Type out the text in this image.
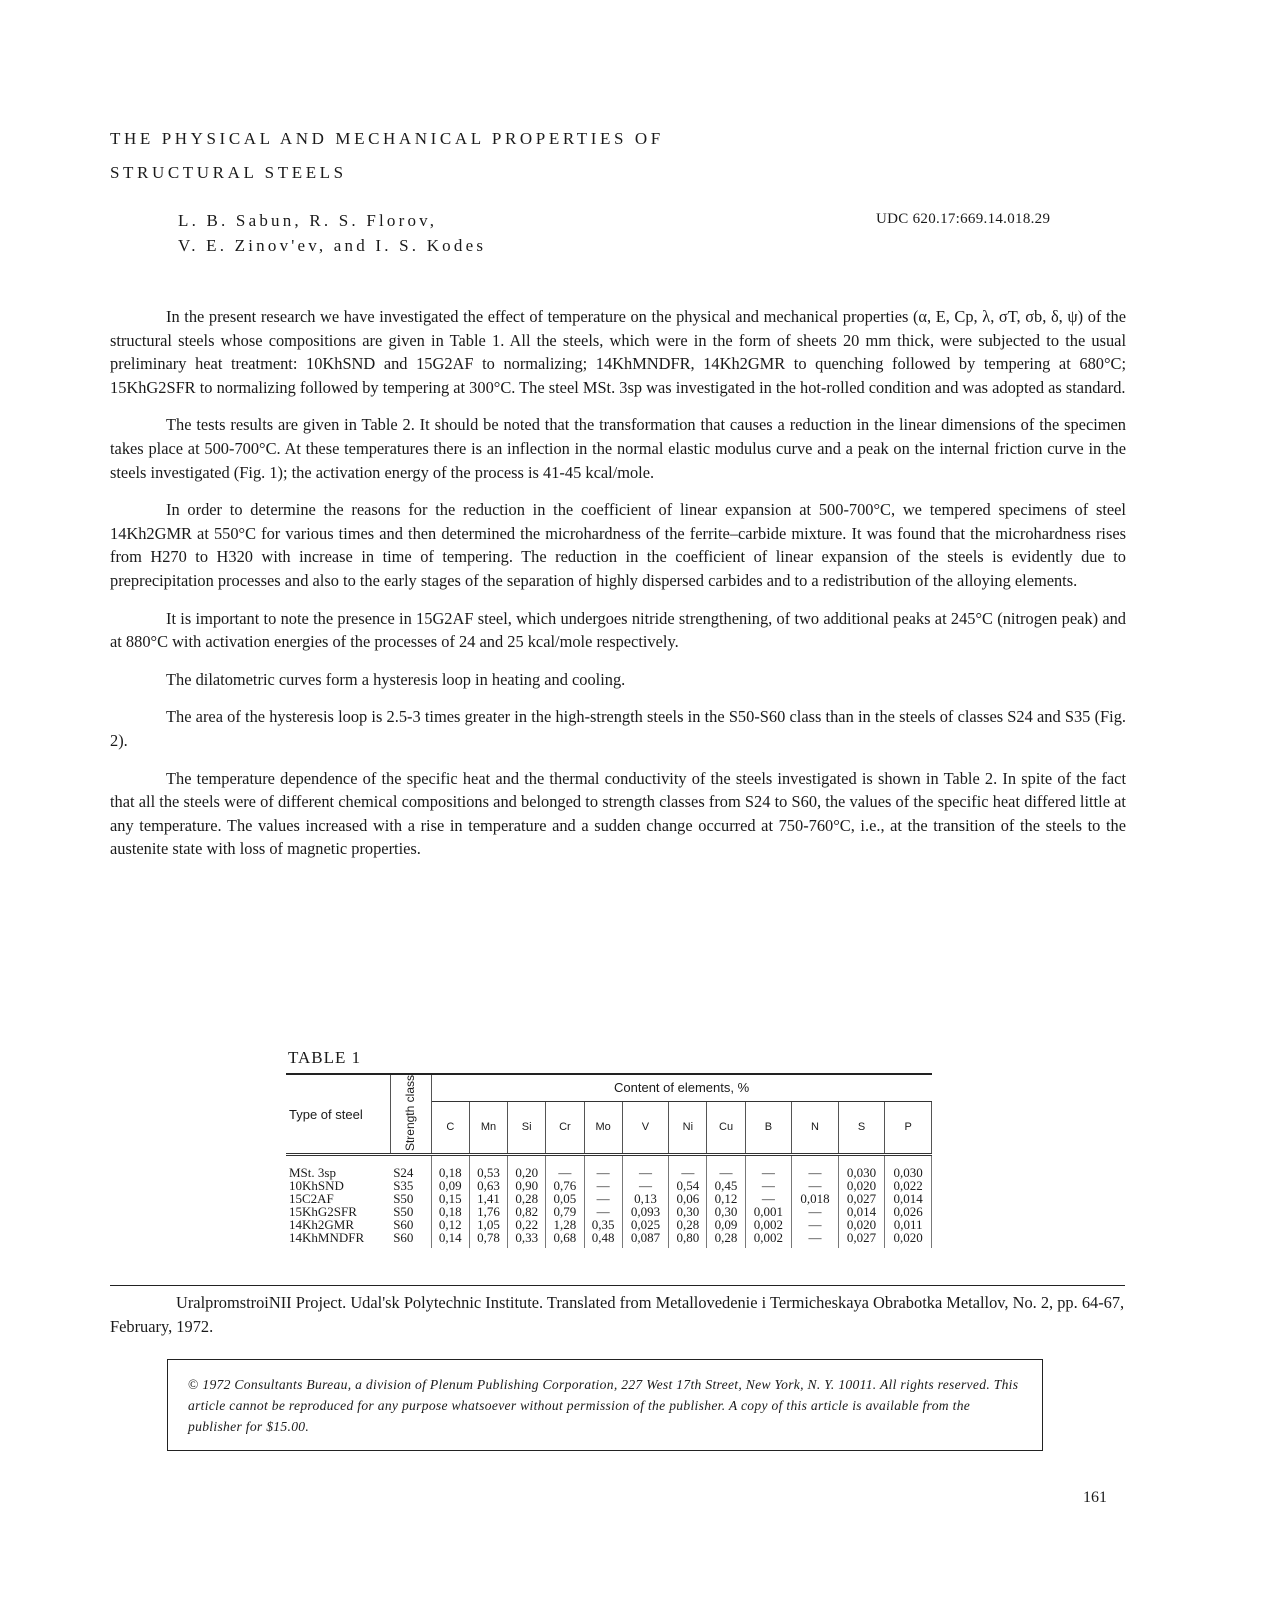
THE PHYSICAL AND MECHANICAL PROPERTIES OF
STRUCTURAL STEELS
L. B. Sabun, R. S. Florov,
V. E. Zinov'ev, and I. S. Kodes
UDC 620.17:669.14.018.29

In the present research we have investigated the effect of temperature on the physical and mechanical properties (α, E, Cp, λ, σT, σb, δ, ψ) of the structural steels whose compositions are given in Table 1. All the steels, which were in the form of sheets 20 mm thick, were subjected to the usual preliminary heat treatment: 10KhSND and 15G2AF to normalizing; 14KhMNDFR, 14Kh2GMR to quenching followed by tempering at 680°C; 15KhG2SFR to normalizing followed by tempering at 300°C. The steel MSt. 3sp was investigated in the hot-rolled condition and was adopted as standard.

The tests results are given in Table 2. It should be noted that the transformation that causes a reduction in the linear dimensions of the specimen takes place at 500-700°C. At these temperatures there is an inflection in the normal elastic modulus curve and a peak on the internal friction curve in the steels investigated (Fig. 1); the activation energy of the process is 41-45 kcal/mole.

In order to determine the reasons for the reduction in the coefficient of linear expansion at 500-700°C, we tempered specimens of steel 14Kh2GMR at 550°C for various times and then determined the microhardness of the ferrite–carbide mixture. It was found that the microhardness rises from H270 to H320 with increase in time of tempering. The reduction in the coefficient of linear expansion of the steels is evidently due to preprecipitation processes and also to the early stages of the separation of highly dispersed carbides and to a redistribution of the alloying elements.

It is important to note the presence in 15G2AF steel, which undergoes nitride strengthening, of two additional peaks at 245°C (nitrogen peak) and at 880°C with activation energies of the processes of 24 and 25 kcal/mole respectively.

The dilatometric curves form a hysteresis loop in heating and cooling.

The area of the hysteresis loop is 2.5-3 times greater in the high-strength steels in the S50-S60 class than in the steels of classes S24 and S35 (Fig. 2).

The temperature dependence of the specific heat and the thermal conductivity of the steels investigated is shown in Table 2. In spite of the fact that all the steels were of different chemical compositions and belonged to strength classes from S24 to S60, the values of the specific heat differed little at any temperature. The values increased with a rise in temperature and a sudden change occurred at 750-760°C, i.e., at the transition of the steels to the austenite state with loss of magnetic properties.

TABLE 1
Type of steel	Strength class	Content of elements, %											
		C	Mn	Si	Cr	Mo	V	Ni	Cu	B	N	S	P
MSt. 3sp	S24	0,18	0,53	0,20	—	—	—	—	—	—	—	0,030	0,030
10KhSND	S35	0,09	0,63	0,90	0,76	—	—	0,54	0,45	—	—	0,020	0,022
15C2AF	S50	0,15	1,41	0,28	0,05	—	0,13	0,06	0,12	—	0,018	0,027	0,014
15KhG2SFR	S50	0,18	1,76	0,82	0,79	—	0,093	0,30	0,30	0,001	—	0,014	0,026
14Kh2GMR	S60	0,12	1,05	0,22	1,28	0,35	0,025	0,28	0,09	0,002	—	0,020	0,011
14KhMNDFR	S60	0,14	0,78	0,33	0,68	0,48	0,087	0,80	0,28	0,002	—	0,027	0,020
UralpromstroiNII Project. Udal'sk Polytechnic Institute. Translated from Metallovedenie i Termicheskaya Obrabotka Metallov, No. 2, pp. 64-67, February, 1972.
© 1972 Consultants Bureau, a division of Plenum Publishing Corporation, 227 West 17th Street, New York, N. Y. 10011. All rights reserved. This article cannot be reproduced for any purpose whatsoever without permission of the publisher. A copy of this article is available from the publisher for $15.00.
161
